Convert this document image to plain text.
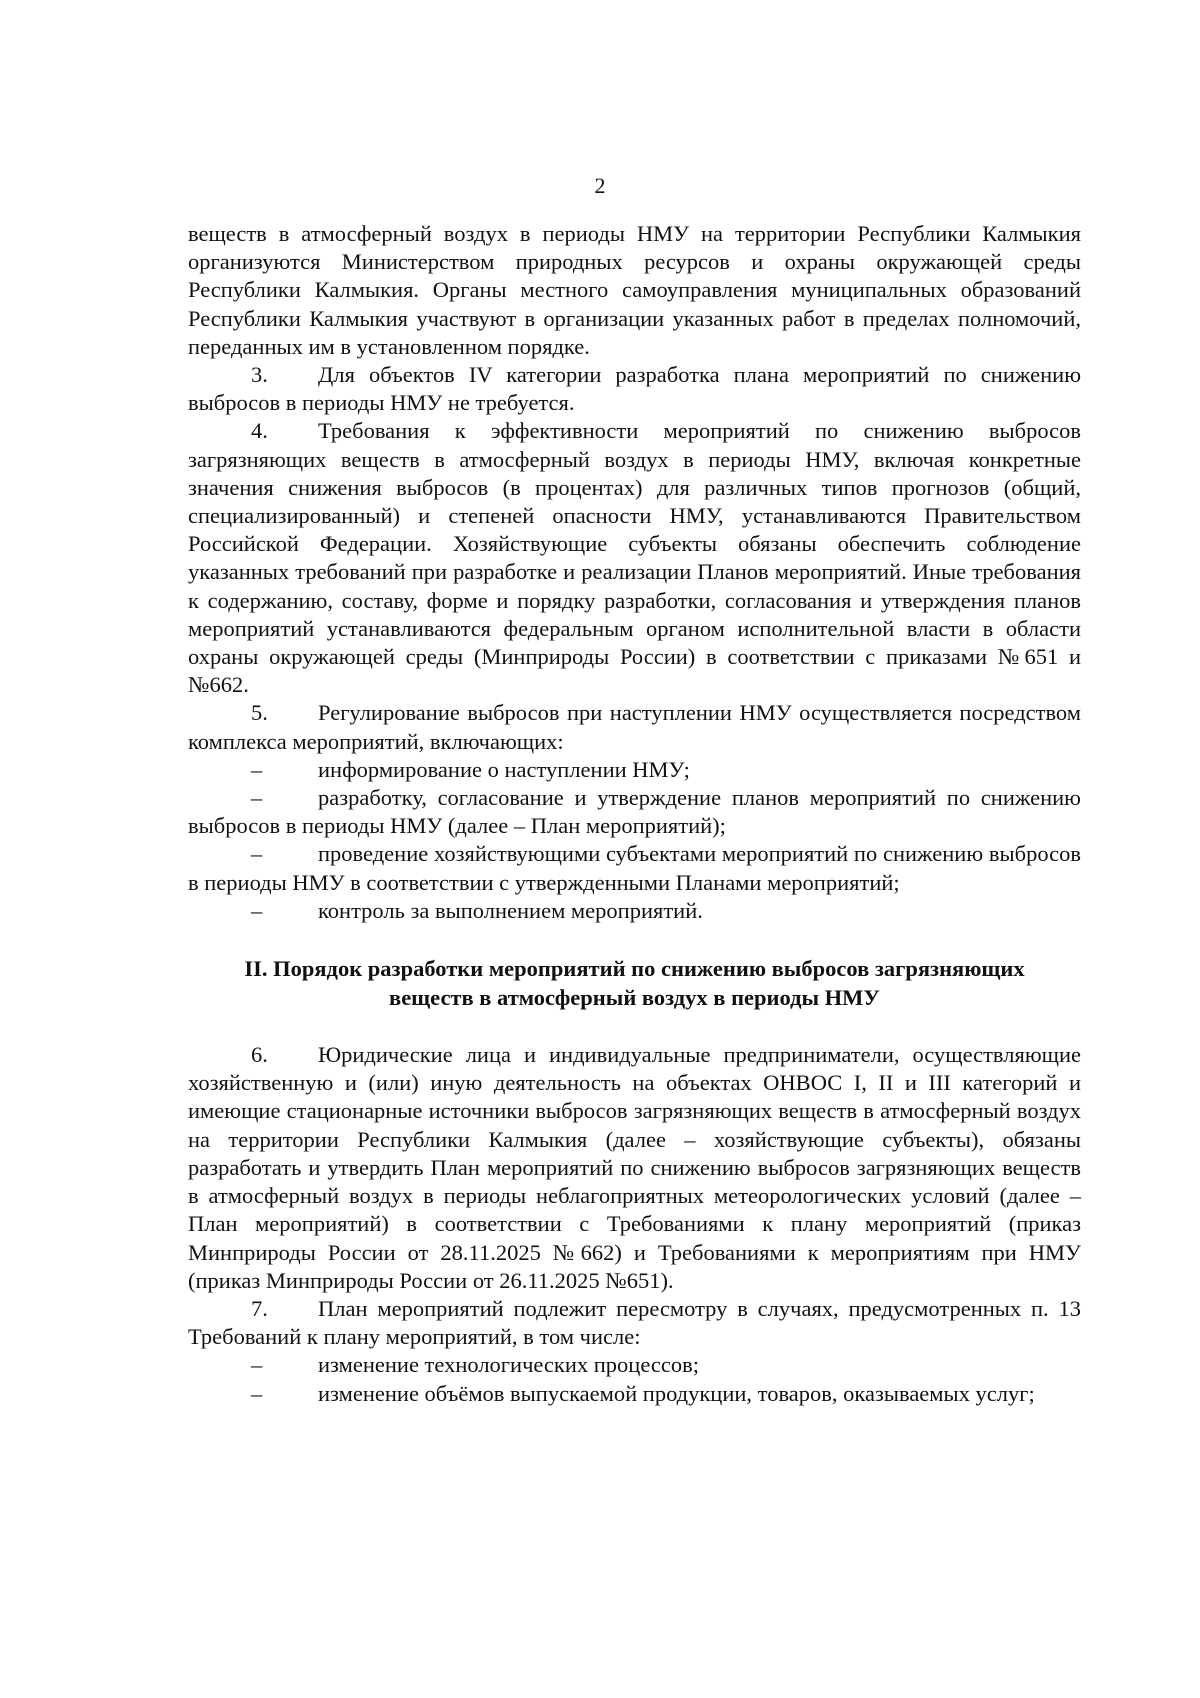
2

веществ в атмосферный воздух в периоды НМУ на территории Республики Калмыкия организуются Министерством природных ресурсов и охраны окружающей среды Республики Калмыкия. Органы местного самоуправления муниципальных образований Республики Калмыкия участвуют в организации указанных работ в пределах полномочий, переданных им в установленном порядке.

3. Для объектов IV категории разработка плана мероприятий по снижению выбросов в периоды НМУ не требуется.

4. Требования к эффективности мероприятий по снижению выбросов загрязняющих веществ в атмосферный воздух в периоды НМУ, включая конкретные значения снижения выбросов (в процентах) для различных типов прогнозов (общий, специализированный) и степеней опасности НМУ, устанавливаются Правительством Российской Федерации. Хозяйствующие субъекты обязаны обеспечить соблюдение указанных требований при разработке и реализации Планов мероприятий. Иные требования к содержанию, составу, форме и порядку разработки, согласования и утверждения планов мероприятий устанавливаются федеральным органом исполнительной власти в области охраны окружающей среды (Минприроды России) в соответствии с приказами №651 и №662.

5. Регулирование выбросов при наступлении НМУ осуществляется посредством комплекса мероприятий, включающих:

– информирование о наступлении НМУ;

– разработку, согласование и утверждение планов мероприятий по снижению выбросов в периоды НМУ (далее – План мероприятий);

– проведение хозяйствующими субъектами мероприятий по снижению выбросов в периоды НМУ в соответствии с утвержденными Планами мероприятий;

– контроль за выполнением мероприятий.

II. Порядок разработки мероприятий по снижению выбросов загрязняющих
веществ в атмосферный воздух в периоды НМУ

6. Юридические лица и индивидуальные предприниматели, осуществляющие хозяйственную и (или) иную деятельность на объектах ОНВОС I, II и III категорий и имеющие стационарные источники выбросов загрязняющих веществ в атмосферный воздух на территории Республики Калмыкия (далее – хозяйствующие субъекты), обязаны разработать и утвердить План мероприятий по снижению выбросов загрязняющих веществ в атмосферный воздух в периоды неблагоприятных метеорологических условий (далее – План мероприятий) в соответствии с Требованиями к плану мероприятий (приказ Минприроды России от 28.11.2025 №662) и Требованиями к мероприятиям при НМУ (приказ Минприроды России от 26.11.2025 №651).

7. План мероприятий подлежит пересмотру в случаях, предусмотренных п. 13 Требований к плану мероприятий, в том числе:

– изменение технологических процессов;

– изменение объёмов выпускаемой продукции, товаров, оказываемых услуг;
